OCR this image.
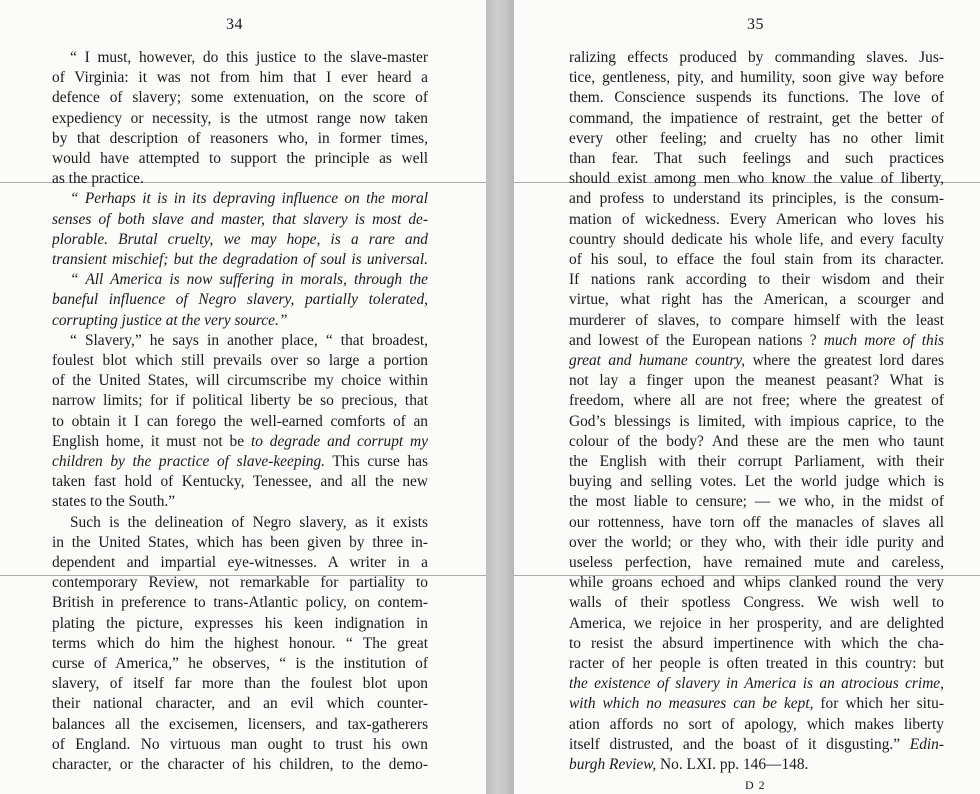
34
“ I must, however, do this justice to the slave-master
of Virginia: it was not from him that I ever heard a
defence of slavery; some extenuation, on the score of
expediency or necessity, is the utmost range now taken
by that description of reasoners who, in former times,
would have attempted to support the principle as well
as the practice.
“ Perhaps it is in its depraving influence on the moral
senses of both slave and master, that slavery is most de-
plorable. Brutal cruelty, we may hope, is a rare and
transient mischief; but the degradation of soul is universal.
“ All America is now suffering in morals, through the
baneful influence of Negro slavery, partially tolerated,
corrupting justice at the very source.”
“ Slavery,” he says in another place, “ that broadest,
foulest blot which still prevails over so large a portion
of the United States, will circumscribe my choice within
narrow limits; for if political liberty be so precious, that
to obtain it I can forego the well-earned comforts of an
English home, it must not be to degrade and corrupt my
children by the practice of slave-keeping. This curse has
taken fast hold of Kentucky, Tenessee, and all the new
states to the South.”
Such is the delineation of Negro slavery, as it exists
in the United States, which has been given by three in-
dependent and impartial eye-witnesses. A writer in a
contemporary Review, not remarkable for partiality to
British in preference to trans-Atlantic policy, on contem-
plating the picture, expresses his keen indignation in
terms which do him the highest honour. “ The great
curse of America,” he observes, “ is the institution of
slavery, of itself far more than the foulest blot upon
their national character, and an evil which counter-
balances all the excisemen, licensers, and tax-gatherers
of England. No virtuous man ought to trust his own
character, or the character of his children, to the demo-
35
ralizing effects produced by commanding slaves. Jus-
tice, gentleness, pity, and humility, soon give way before
them. Conscience suspends its functions. The love of
command, the impatience of restraint, get the better of
every other feeling; and cruelty has no other limit
than fear. That such feelings and such practices
should exist among men who know the value of liberty,
and profess to understand its principles, is the consum-
mation of wickedness. Every American who loves his
country should dedicate his whole life, and every faculty
of his soul, to efface the foul stain from its character.
If nations rank according to their wisdom and their
virtue, what right has the American, a scourger and
murderer of slaves, to compare himself with the least
and lowest of the European nations ? much more of this
great and humane country, where the greatest lord dares
not lay a finger upon the meanest peasant? What is
freedom, where all are not free; where the greatest of
God’s blessings is limited, with impious caprice, to the
colour of the body? And these are the men who taunt
the English with their corrupt Parliament, with their
buying and selling votes. Let the world judge which is
the most liable to censure; — we who, in the midst of
our rottenness, have torn off the manacles of slaves all
over the world; or they who, with their idle purity and
useless perfection, have remained mute and careless,
while groans echoed and whips clanked round the very
walls of their spotless Congress. We wish well to
America, we rejoice in her prosperity, and are delighted
to resist the absurd impertinence with which the cha-
racter of her people is often treated in this country: but
the existence of slavery in America is an atrocious crime,
with which no measures can be kept, for which her situ-
ation affords no sort of apology, which makes liberty
itself distrusted, and the boast of it disgusting.” Edin-
burgh Review, No. LXI. pp. 146—148.
D 2
